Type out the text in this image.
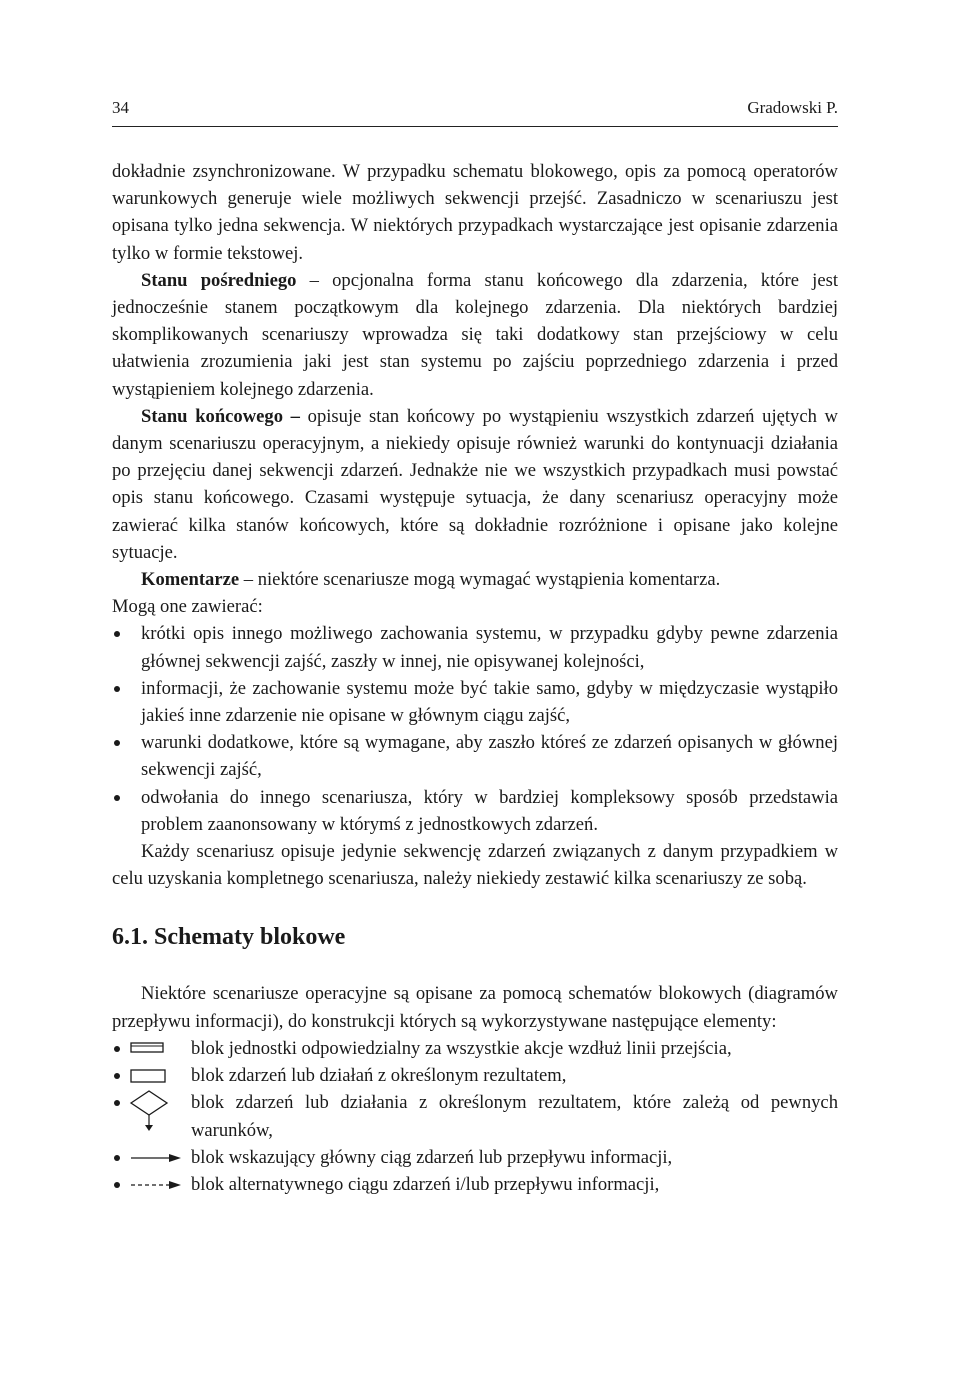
34	Gradowski P.

dokładnie zsynchronizowane. W przypadku schematu blokowego, opis za pomocą operatorów warunkowych generuje wiele możliwych sekwencji przejść. Zasadniczo w scenariuszu jest opisana tylko jedna sekwencja. W niektórych przypadkach wystarczające jest opisanie zdarzenia tylko w formie tekstowej.

Stanu pośredniego – opcjonalna forma stanu końcowego dla zdarzenia, które jest jednocześnie stanem początkowym dla kolejnego zdarzenia. Dla niektórych bardziej skomplikowanych scenariuszy wprowadza się taki dodatkowy stan przejściowy w celu ułatwienia zrozumienia jaki jest stan systemu po zajściu poprzedniego zdarzenia i przed wystąpieniem kolejnego zdarzenia.

Stanu końcowego – opisuje stan końcowy po wystąpieniu wszystkich zdarzeń ujętych w danym scenariuszu operacyjnym, a niekiedy opisuje również warunki do kontynuacji działania po przejęciu danej sekwencji zdarzeń. Jednakże nie we wszystkich przypadkach musi powstać opis stanu końcowego. Czasami występuje sytuacja, że dany scenariusz operacyjny może zawierać kilka stanów końcowych, które są dokładnie rozróżnione i opisane jako kolejne sytuacje.

Komentarze – niektóre scenariusze mogą wymagać wystąpienia komentarza.

Mogą one zawierać:

krótki opis innego możliwego zachowania systemu, w przypadku gdyby pewne zdarzenia głównej sekwencji zajść, zaszły w innej, nie opisywanej kolejności,
informacji, że zachowanie systemu może być takie samo, gdyby w międzyczasie wystąpiło jakieś inne zdarzenie nie opisane w głównym ciągu zajść,
warunki dodatkowe, które są wymagane, aby zaszło któreś ze zdarzeń opisanych w głównej sekwencji zajść,
odwołania do innego scenariusza, który w bardziej kompleksowy sposób przedstawia problem zaanonsowany w którymś z jednostkowych zdarzeń.

Każdy scenariusz opisuje jedynie sekwencję zdarzeń związanych z danym przypadkiem w celu uzyskania kompletnego scenariusza, należy niekiedy zestawić kilka scenariuszy ze sobą.

6.1. Schematy blokowe

Niektóre scenariusze operacyjne są opisane za pomocą schematów blokowych (diagramów przepływu informacji), do konstrukcji których są wykorzystywane następujące elementy:

blok jednostki odpowiedzialny za wszystkie akcje wzdłuż linii przejścia,
blok zdarzeń lub działań z określonym rezultatem,
blok zdarzeń lub działania z określonym rezultatem, które zależą od pewnych warunków,
blok wskazujący główny ciąg zdarzeń lub przepływu informacji,
blok alternatywnego ciągu zdarzeń i/lub przepływu informacji,
